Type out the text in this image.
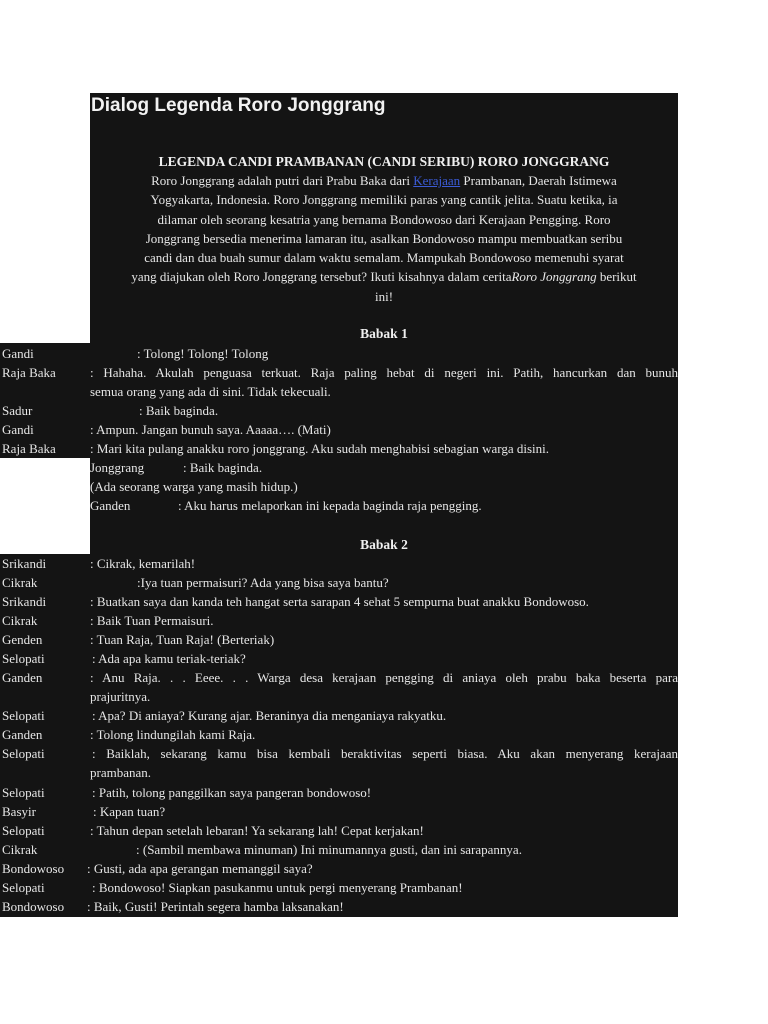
Dialog Legenda Roro Jonggrang
LEGENDA CANDI PRAMBANAN (CANDI SERIBU) RORO JONGGRANG
Roro Jonggrang adalah putri dari Prabu Baka dari Kerajaan Prambanan, Daerah Istimewa
Yogyakarta, Indonesia. Roro Jonggrang memiliki paras yang cantik jelita. Suatu ketika, ia
dilamar oleh seorang kesatria yang bernama Bondowoso dari Kerajaan Pengging. Roro
Jonggrang bersedia menerima lamaran itu, asalkan Bondowoso mampu membuatkan seribu
candi dan dua buah sumur dalam waktu semalam. Mampukah Bondowoso memenuhi syarat
yang diajukan oleh Roro Jonggrang tersebut? Ikuti kisahnya dalam ceritaRoro Jonggrang berikut
ini!
Babak 1
Gandi	: Tolong! Tolong! Tolong
Raja Baka	: Hahaha. Akulah penguasa terkuat. Raja paling hebat di negeri ini. Patih, hancurkan dan bunuh
semua orang yang ada di sini. Tidak tekecuali.
Sadur	: Baik baginda.
Gandi	: Ampun. Jangan bunuh saya. Aaaaa…. (Mati)
Raja Baka	: Mari kita pulang anakku roro jonggrang. Aku sudah menghabisi sebagian warga disini.
Jonggrang	: Baik baginda.
(Ada seorang warga yang masih hidup.)
Ganden	: Aku harus melaporkan ini kepada baginda raja pengging.
Babak 2
Srikandi	: Cikrak, kemarilah!
Cikrak	:Iya tuan permaisuri? Ada yang bisa saya bantu?
Srikandi	: Buatkan saya dan kanda teh hangat serta sarapan 4 sehat 5 sempurna buat anakku Bondowoso.
Cikrak	: Baik Tuan Permaisuri.
Genden	: Tuan Raja, Tuan Raja! (Berteriak)
Selopati	: Ada apa kamu teriak-teriak?
Ganden	: Anu Raja. . . Eeee. . . Warga desa kerajaan pengging di aniaya oleh prabu baka beserta para
prajuritnya.
Selopati	: Apa? Di aniaya? Kurang ajar. Beraninya dia menganiaya rakyatku.
Ganden	: Tolong lindungilah kami Raja.
Selopati	: Baiklah, sekarang kamu bisa kembali beraktivitas seperti biasa. Aku akan menyerang kerajaan
prambanan.
Selopati	: Patih, tolong panggilkan saya pangeran bondowoso!
Basyir	: Kapan tuan?
Selopati	: Tahun depan setelah lebaran! Ya sekarang lah! Cepat kerjakan!
Cikrak	: (Sambil membawa minuman) Ini minumannya gusti, dan ini sarapannya.
Bondowoso : Gusti, ada apa gerangan memanggil saya?
Selopati	: Bondowoso! Siapkan pasukanmu untuk pergi menyerang Prambanan!
Bondowoso : Baik, Gusti! Perintah segera hamba laksanakan!
